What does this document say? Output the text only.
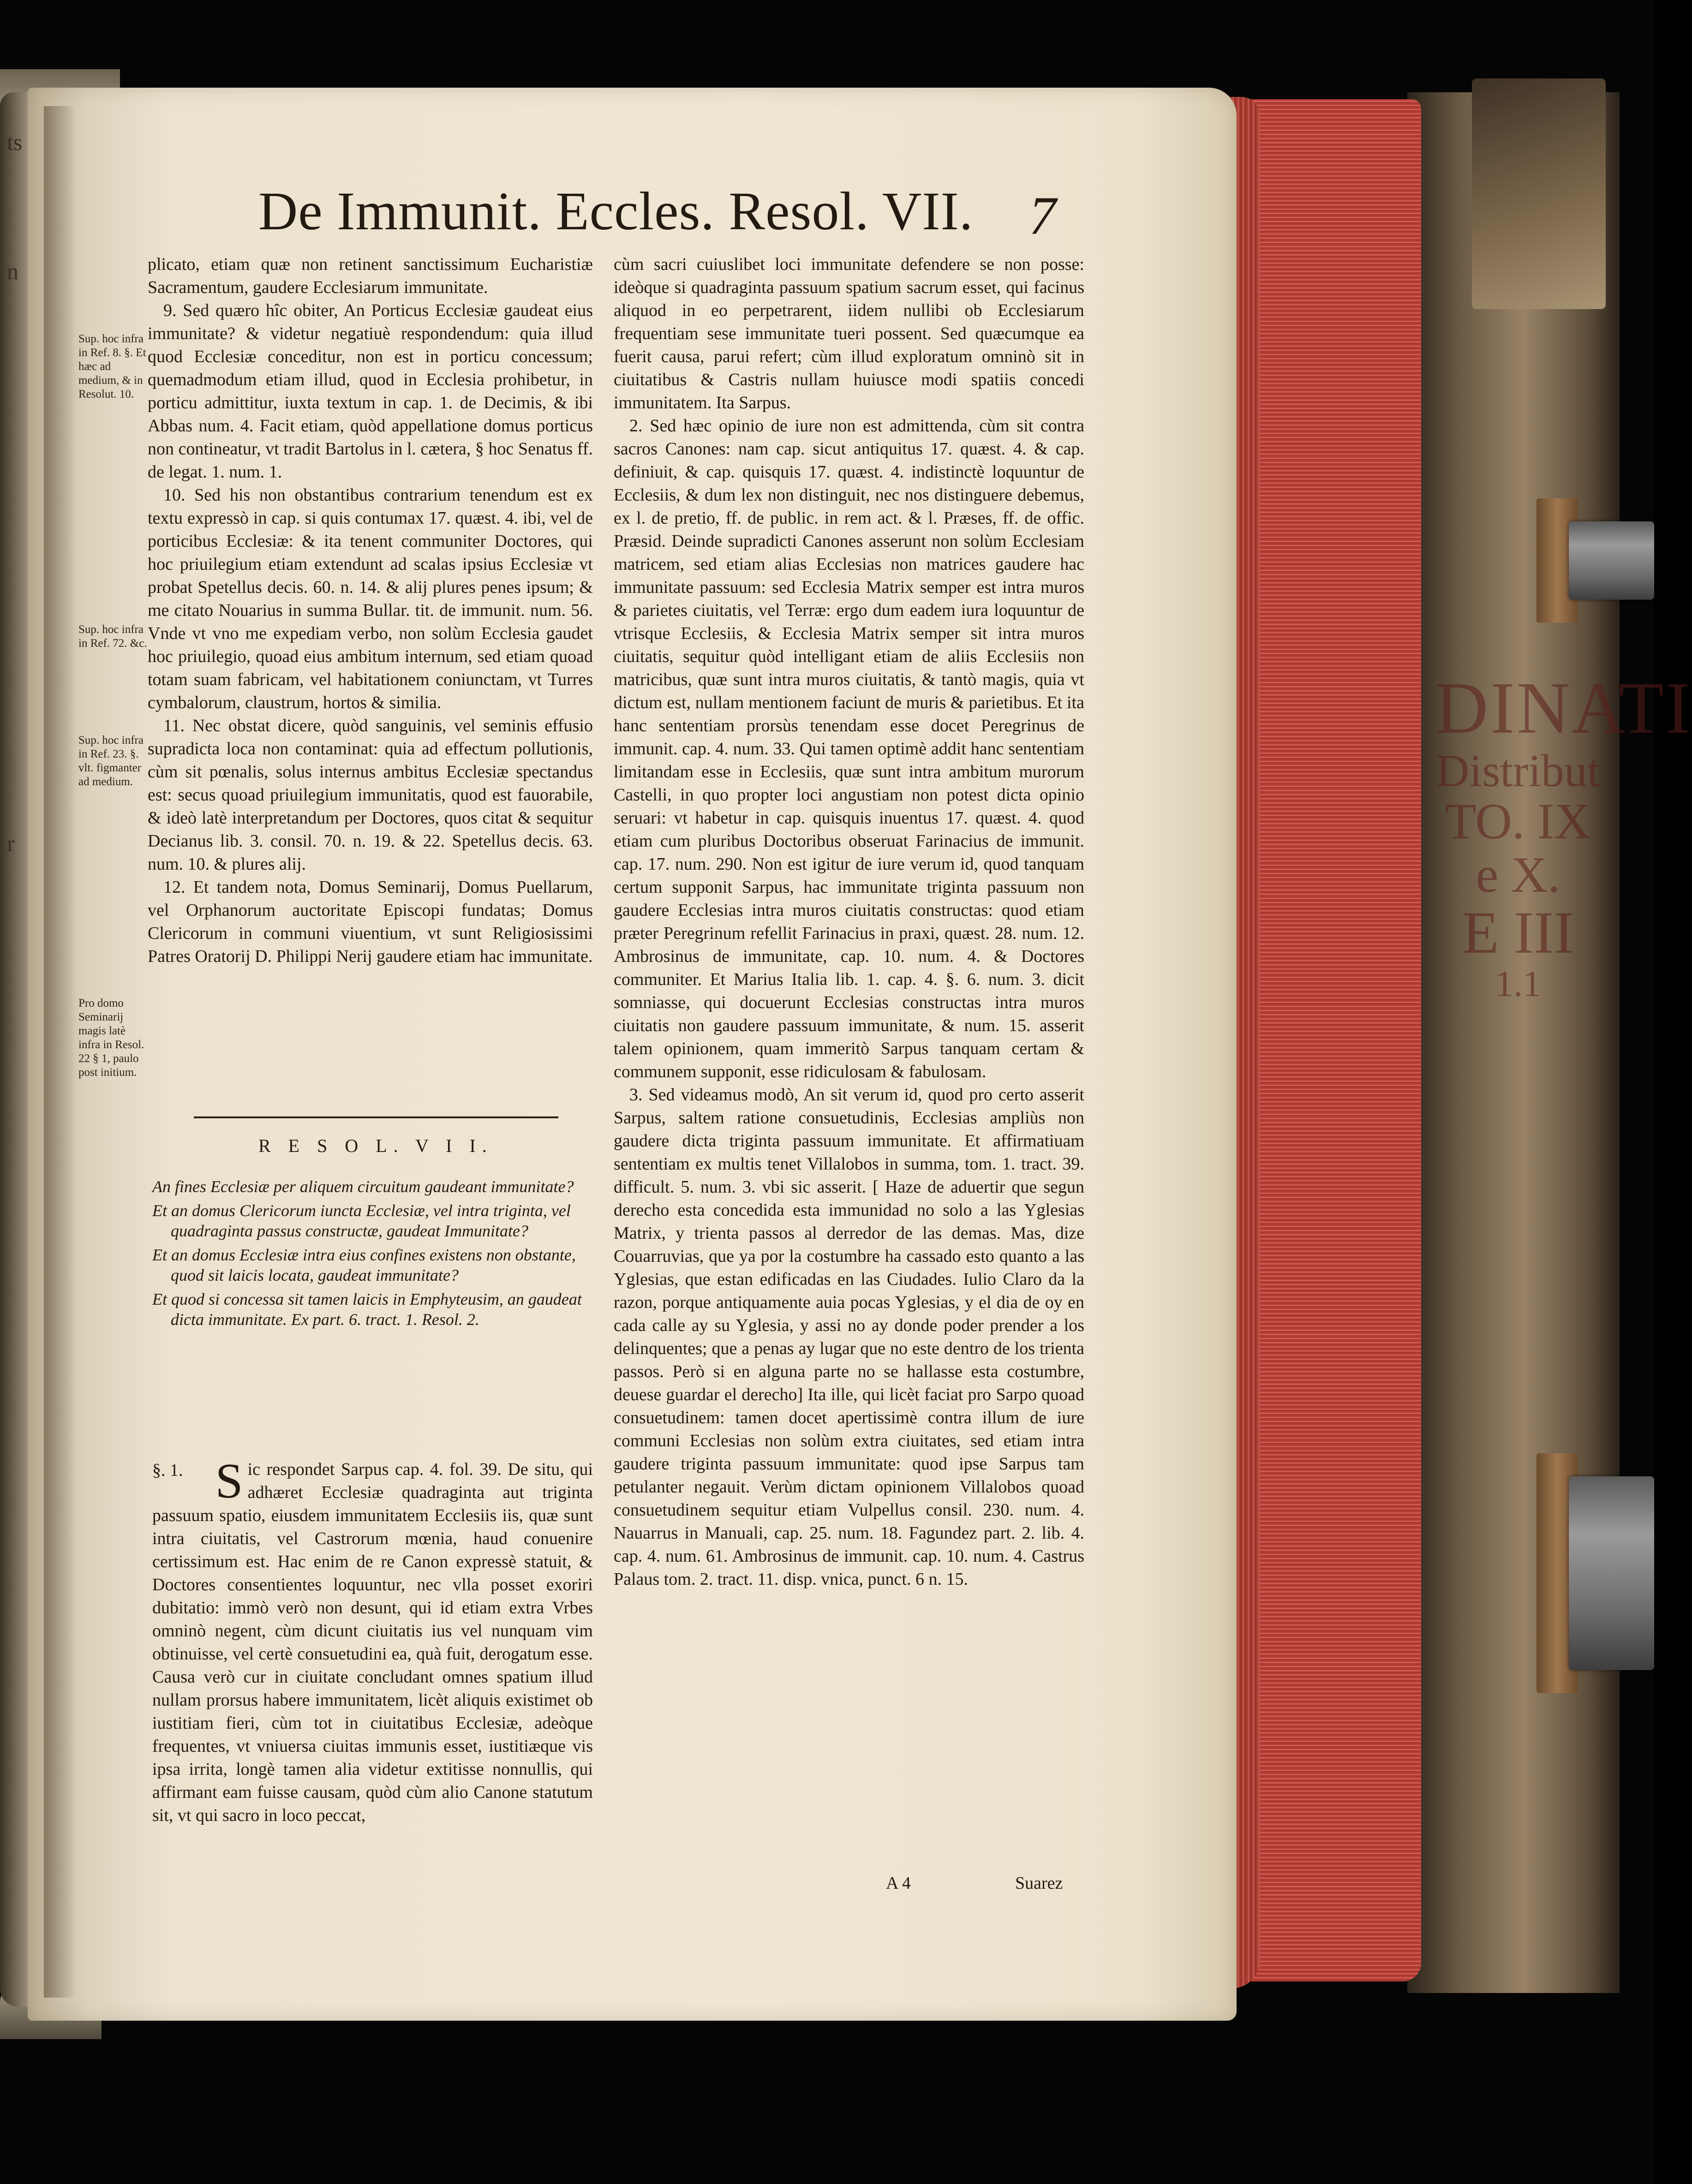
DINATI
Distribut
TO. IX e X.
E III
1.1
ts
n
r
De Immunit. Eccles. Resol. VII. 7
Sup. hoc infra in Ref. 8. §. Et hæc ad medium, & in Resolut. 10.
Sup. hoc infra in Ref. 72. &c.
Sup. hoc infra in Ref. 23. §. vlt. figmanter ad medium.
Pro domo Seminarij magis latè infra in Resol. 22 § 1, paulo post initium.

plicato, etiam quæ non retinent sanctissimum Eucharistiæ Sacramentum, gaudere Ecclesiarum immunitate.

9. Sed quæro hîc obiter, An Porticus Ecclesiæ gaudeat eius immunitate? & videtur negatiuè respondendum: quia illud quod Ecclesiæ conceditur, non est in porticu concessum; quemadmodum etiam illud, quod in Ecclesia prohibetur, in porticu admittitur, iuxta textum in cap. 1. de Decimis, & ibi Abbas num. 4. Facit etiam, quòd appellatione domus porticus non contineatur, vt tradit Bartolus in l. cætera, § hoc Senatus ff. de legat. 1. num. 1.

10. Sed his non obstantibus contrarium tenendum est ex textu expressò in cap. si quis contumax 17. quæst. 4. ibi, vel de porticibus Ecclesiæ: & ita tenent communiter Doctores, qui hoc priuilegium etiam extendunt ad scalas ipsius Ecclesiæ vt probat Spetellus decis. 60. n. 14. & alij plures penes ipsum; & me citato Nouarius in summa Bullar. tit. de immunit. num. 56. Vnde vt vno me expediam verbo, non solùm Ecclesia gaudet hoc priuilegio, quoad eius ambitum internum, sed etiam quoad totam suam fabricam, vel habitationem coniunctam, vt Turres cymbalorum, claustrum, hortos & similia.

11. Nec obstat dicere, quòd sanguinis, vel seminis effusio supradicta loca non contaminat: quia ad effectum pollutionis, cùm sit pœnalis, solus internus ambitus Ecclesiæ spectandus est: secus quoad priuilegium immunitatis, quod est fauorabile, & ideò latè interpretandum per Doctores, quos citat & sequitur Decianus lib. 3. consil. 70. n. 19. & 22. Spetellus decis. 63. num. 10. & plures alij.

12. Et tandem nota, Domus Seminarij, Domus Puellarum, vel Orphanorum auctoritate Episcopi fundatas; Domus Clericorum in communi viuentium, vt sunt Religiosissimi Patres Oratorij D. Philippi Nerij gaudere etiam hac immunitate.

R E S O L. V I I.
An fines Ecclesiæ per aliquem circuitum gaudeant immunitate?
Et an domus Clericorum iuncta Ecclesiæ, vel intra triginta, vel quadraginta passus constructæ, gaudeat Immunitate?
Et an domus Ecclesiæ intra eius confines existens non obstante, quod sit laicis locata, gaudeat immunitate?
Et quod si concessa sit tamen laicis in Emphyteusim, an gaudeat dicta immunitate. Ex part. 6. tract. 1. Resol. 2.
§. 1. S ic respondet Sarpus cap. 4. fol. 39. De situ, qui adhæret Ecclesiæ quadraginta aut triginta passuum spatio, eiusdem immunitatem Ecclesiis iis, quæ sunt intra ciuitatis, vel Castrorum mœnia, haud conuenire certissimum est. Hac enim de re Canon expressè statuit, & Doctores consentientes loquuntur, nec vlla posset exoriri dubitatio: immò verò non desunt, qui id etiam extra Vrbes omninò negent, cùm dicunt ciuitatis ius vel nunquam vim obtinuisse, vel certè consuetudini ea, quà fuit, derogatum esse. Causa verò cur in ciuitate concludant omnes spatium illud nullam prorsus habere immunitatem, licèt aliquis existimet ob iustitiam fieri, cùm tot in ciuitatibus Ecclesiæ, adeòque frequentes, vt vniuersa ciuitas immunis esset, iustitiæque vis ipsa irrita, longè tamen alia videtur extitisse nonnullis, qui affirmant eam fuisse causam, quòd cùm alio Canone statutum sit, vt qui sacro in loco peccat,

cùm sacri cuiuslibet loci immunitate defendere se non posse: ideòque si quadraginta passuum spatium sacrum esset, qui facinus aliquod in eo perpetrarent, iidem nullibi ob Ecclesiarum frequentiam sese immunitate tueri possent. Sed quæcumque ea fuerit causa, parui refert; cùm illud exploratum omninò sit in ciuitatibus & Castris nullam huiusce modi spatiis concedi immunitatem. Ita Sarpus.

2. Sed hæc opinio de iure non est admittenda, cùm sit contra sacros Canones: nam cap. sicut antiquitus 17. quæst. 4. & cap. definiuit, & cap. quisquis 17. quæst. 4. indistinctè loquuntur de Ecclesiis, & dum lex non distinguit, nec nos distinguere debemus, ex l. de pretio, ff. de public. in rem act. & l. Præses, ff. de offic. Præsid. Deinde supradicti Canones asserunt non solùm Ecclesiam matricem, sed etiam alias Ecclesias non matrices gaudere hac immunitate passuum: sed Ecclesia Matrix semper est intra muros & parietes ciuitatis, vel Terræ: ergo dum eadem iura loquuntur de vtrisque Ecclesiis, & Ecclesia Matrix semper sit intra muros ciuitatis, sequitur quòd intelligant etiam de aliis Ecclesiis non matricibus, quæ sunt intra muros ciuitatis, & tantò magis, quia vt dictum est, nullam mentionem faciunt de muris & parietibus. Et ita hanc sententiam prorsùs tenendam esse docet Peregrinus de immunit. cap. 4. num. 33. Qui tamen optimè addit hanc sententiam limitandam esse in Ecclesiis, quæ sunt intra ambitum murorum Castelli, in quo propter loci angustiam non potest dicta opinio seruari: vt habetur in cap. quisquis inuentus 17. quæst. 4. quod etiam cum pluribus Doctoribus obseruat Farinacius de immunit. cap. 17. num. 290. Non est igitur de iure verum id, quod tanquam certum supponit Sarpus, hac immunitate triginta passuum non gaudere Ecclesias intra muros ciuitatis constructas: quod etiam præter Peregrinum refellit Farinacius in praxi, quæst. 28. num. 12. Ambrosinus de immunitate, cap. 10. num. 4. & Doctores communiter. Et Marius Italia lib. 1. cap. 4. §. 6. num. 3. dicit somniasse, qui docuerunt Ecclesias constructas intra muros ciuitatis non gaudere passuum immunitate, & num. 15. asserit talem opinionem, quam immeritò Sarpus tanquam certam & communem supponit, esse ridiculosam & fabulosam.

3. Sed videamus modò, An sit verum id, quod pro certo asserit Sarpus, saltem ratione consuetudinis, Ecclesias ampliùs non gaudere dicta triginta passuum immunitate. Et affirmatiuam sententiam ex multis tenet Villalobos in summa, tom. 1. tract. 39. difficult. 5. num. 3. vbi sic asserit. [ Haze de aduertir que segun derecho esta concedida esta immunidad no solo a las Yglesias Matrix, y trienta passos al derredor de las demas. Mas, dize Couarruvias, que ya por la costumbre ha cassado esto quanto a las Yglesias, que estan edificadas en las Ciudades. Iulio Claro da la razon, porque antiquamente auia pocas Yglesias, y el dia de oy en cada calle ay su Yglesia, y assi no ay donde poder prender a los delinquentes; que a penas ay lugar que no este dentro de los trienta passos. Però si en alguna parte no se hallasse esta costumbre, deuese guardar el derecho] Ita ille, qui licèt faciat pro Sarpo quoad consuetudinem: tamen docet apertissimè contra illum de iure communi Ecclesias non solùm extra ciuitates, sed etiam intra gaudere triginta passuum immunitate: quod ipse Sarpus tam petulanter negauit. Verùm dictam opinionem Villalobos quoad consuetudinem sequitur etiam Vulpellus consil. 230. num. 4. Nauarrus in Manuali, cap. 25. num. 18. Fagundez part. 2. lib. 4. cap. 4. num. 61. Ambrosinus de immunit. cap. 10. num. 4. Castrus Palaus tom. 2. tract. 11. disp. vnica, punct. 6 n. 15.

A 4	Suarez
